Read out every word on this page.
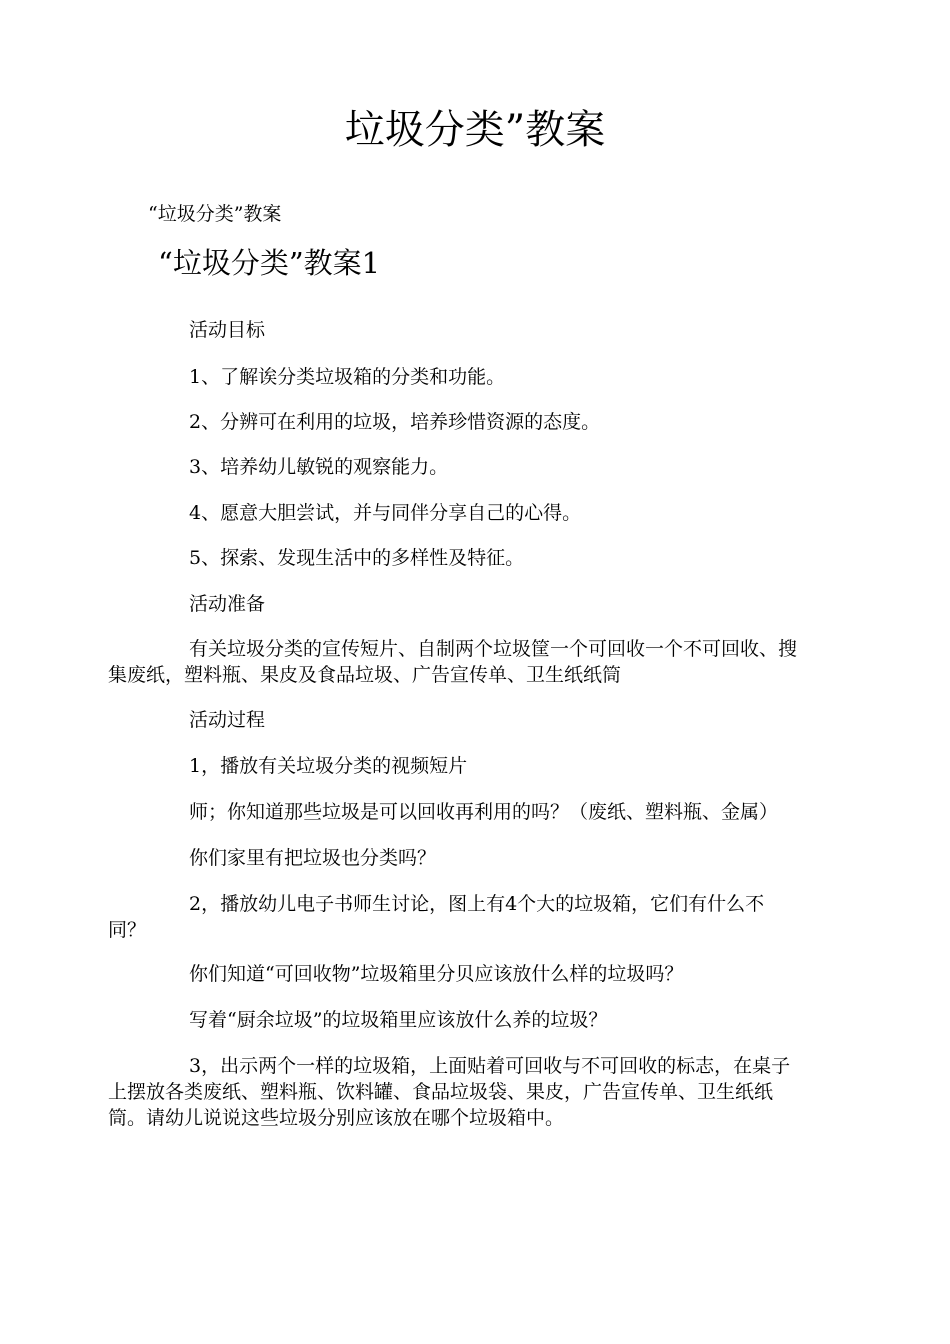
垃圾分类”教案

“垃圾分类”教案

“垃圾分类”教案1

活动目标

1、了解诶分类垃圾箱的分类和功能。

2、分辨可在利用的垃圾，培养珍惜资源的态度。

3、培养幼儿敏锐的观察能力。

4、愿意大胆尝试，并与同伴分享自己的心得。

5、探索、发现生活中的多样性及特征。

活动准备

有关垃圾分类的宣传短片、自制两个垃圾筐一个可回收一个不可回收、搜
集废纸，塑料瓶、果皮及食品垃圾、广告宣传单、卫生纸纸筒

活动过程

1，播放有关垃圾分类的视频短片

师；你知道那些垃圾是可以回收再利用的吗？（废纸、塑料瓶、金属）

你们家里有把垃圾也分类吗？

2，播放幼儿电子书师生讨论，图上有4个大的垃圾箱，它们有什么不
同？

你们知道“可回收物”垃圾箱里分贝应该放什么样的垃圾吗？

写着“厨余垃圾”的垃圾箱里应该放什么养的垃圾？

3，出示两个一样的垃圾箱，上面贴着可回收与不可回收的标志，在桌子
上摆放各类废纸、塑料瓶、饮料罐、食品垃圾袋、果皮，广告宣传单、卫生纸纸
筒。请幼儿说说这些垃圾分别应该放在哪个垃圾箱中。
